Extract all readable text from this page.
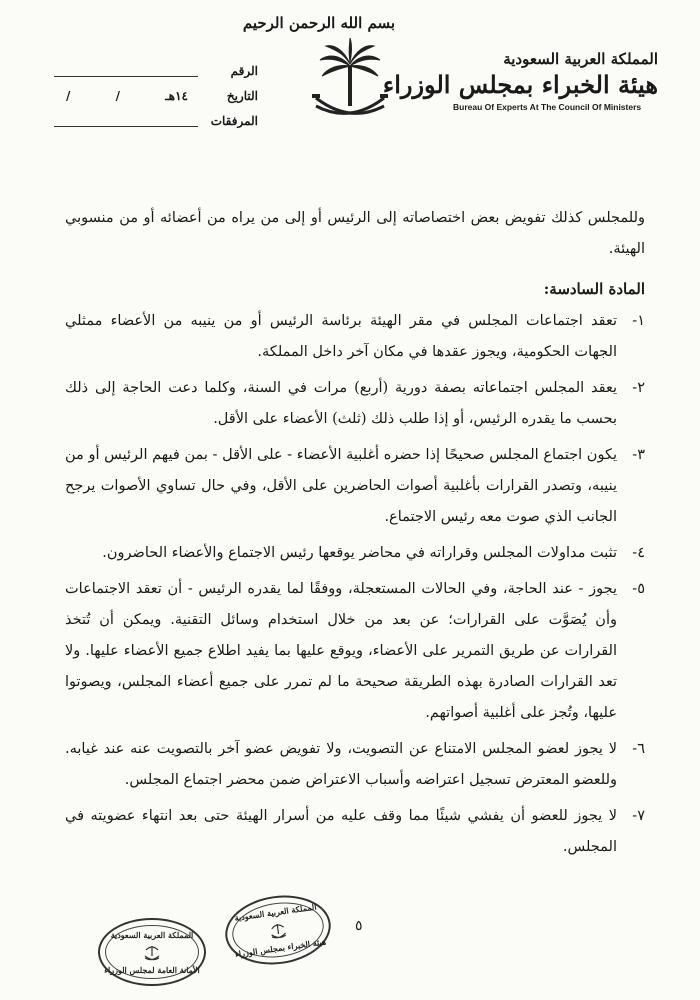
الرقم
التاريخ
١٤هـ
/
/
المرفقات
بسم الله الرحمن الرحيم
المملكة العربية السعودية
هيئة الخبراء بمجلس الوزراء
Bureau Of Experts At The Council Of Ministers

وللمجلس كذلك تفويض بعض اختصاصاته إلى الرئيس أو إلى من يراه من أعضائه أو من منسوبي الهيئة.

المادة السادسة:
١-

تعقد اجتماعات المجلس في مقر الهيئة برئاسة الرئيس أو من ينيبه من الأعضاء ممثلي الجهات الحكومية، ويجوز عقدها في مكان آخر داخل المملكة.

٢-

يعقد المجلس اجتماعاته بصفة دورية (أربع) مرات في السنة، وكلما دعت الحاجة إلى ذلك بحسب ما يقدره الرئيس، أو إذا طلب ذلك (ثلث) الأعضاء على الأقل.

٣-

يكون اجتماع المجلس صحيحًا إذا حضره أغلبية الأعضاء - على الأقل - بمن فيهم الرئيس أو من ينيبه، وتصدر القرارات بأغلبية أصوات الحاضرين على الأقل، وفي حال تساوي الأصوات يرجح الجانب الذي صوت معه رئيس الاجتماع.

٤-

تثبت مداولات المجلس وقراراته في محاضر يوقعها رئيس الاجتماع والأعضاء الحاضرون.

٥-

يجوز - عند الحاجة، وفي الحالات المستعجلة، ووفقًا لما يقدره الرئيس - أن تعقد الاجتماعات وأن يُصَوَّت على القرارات؛ عن بعد من خلال استخدام وسائل التقنية. ويمكن أن تُتخذ القرارات عن طريق التمرير على الأعضاء، ويوقع عليها بما يفيد اطلاع جميع الأعضاء عليها. ولا تعد القرارات الصادرة بهذه الطريقة صحيحة ما لم تمرر على جميع أعضاء المجلس، ويصوتوا عليها، وتُجز على أغلبية أصواتهم.

٦-

لا يجوز لعضو المجلس الامتناع عن التصويت، ولا تفويض عضو آخر بالتصويت عنه عند غيابه. وللعضو المعترض تسجيل اعتراضه وأسباب الاعتراض ضمن محضر اجتماع المجلس.

٧-

لا يجوز للعضو أن يفشي شيئًا مما وقف عليه من أسرار الهيئة حتى بعد انتهاء عضويته في المجلس.

٥
المملكة العربية السعودية
الأمانة العامة لمجلس الوزراء
المملكة العربية السعودية
هيئة الخبراء بمجلس الوزراء
